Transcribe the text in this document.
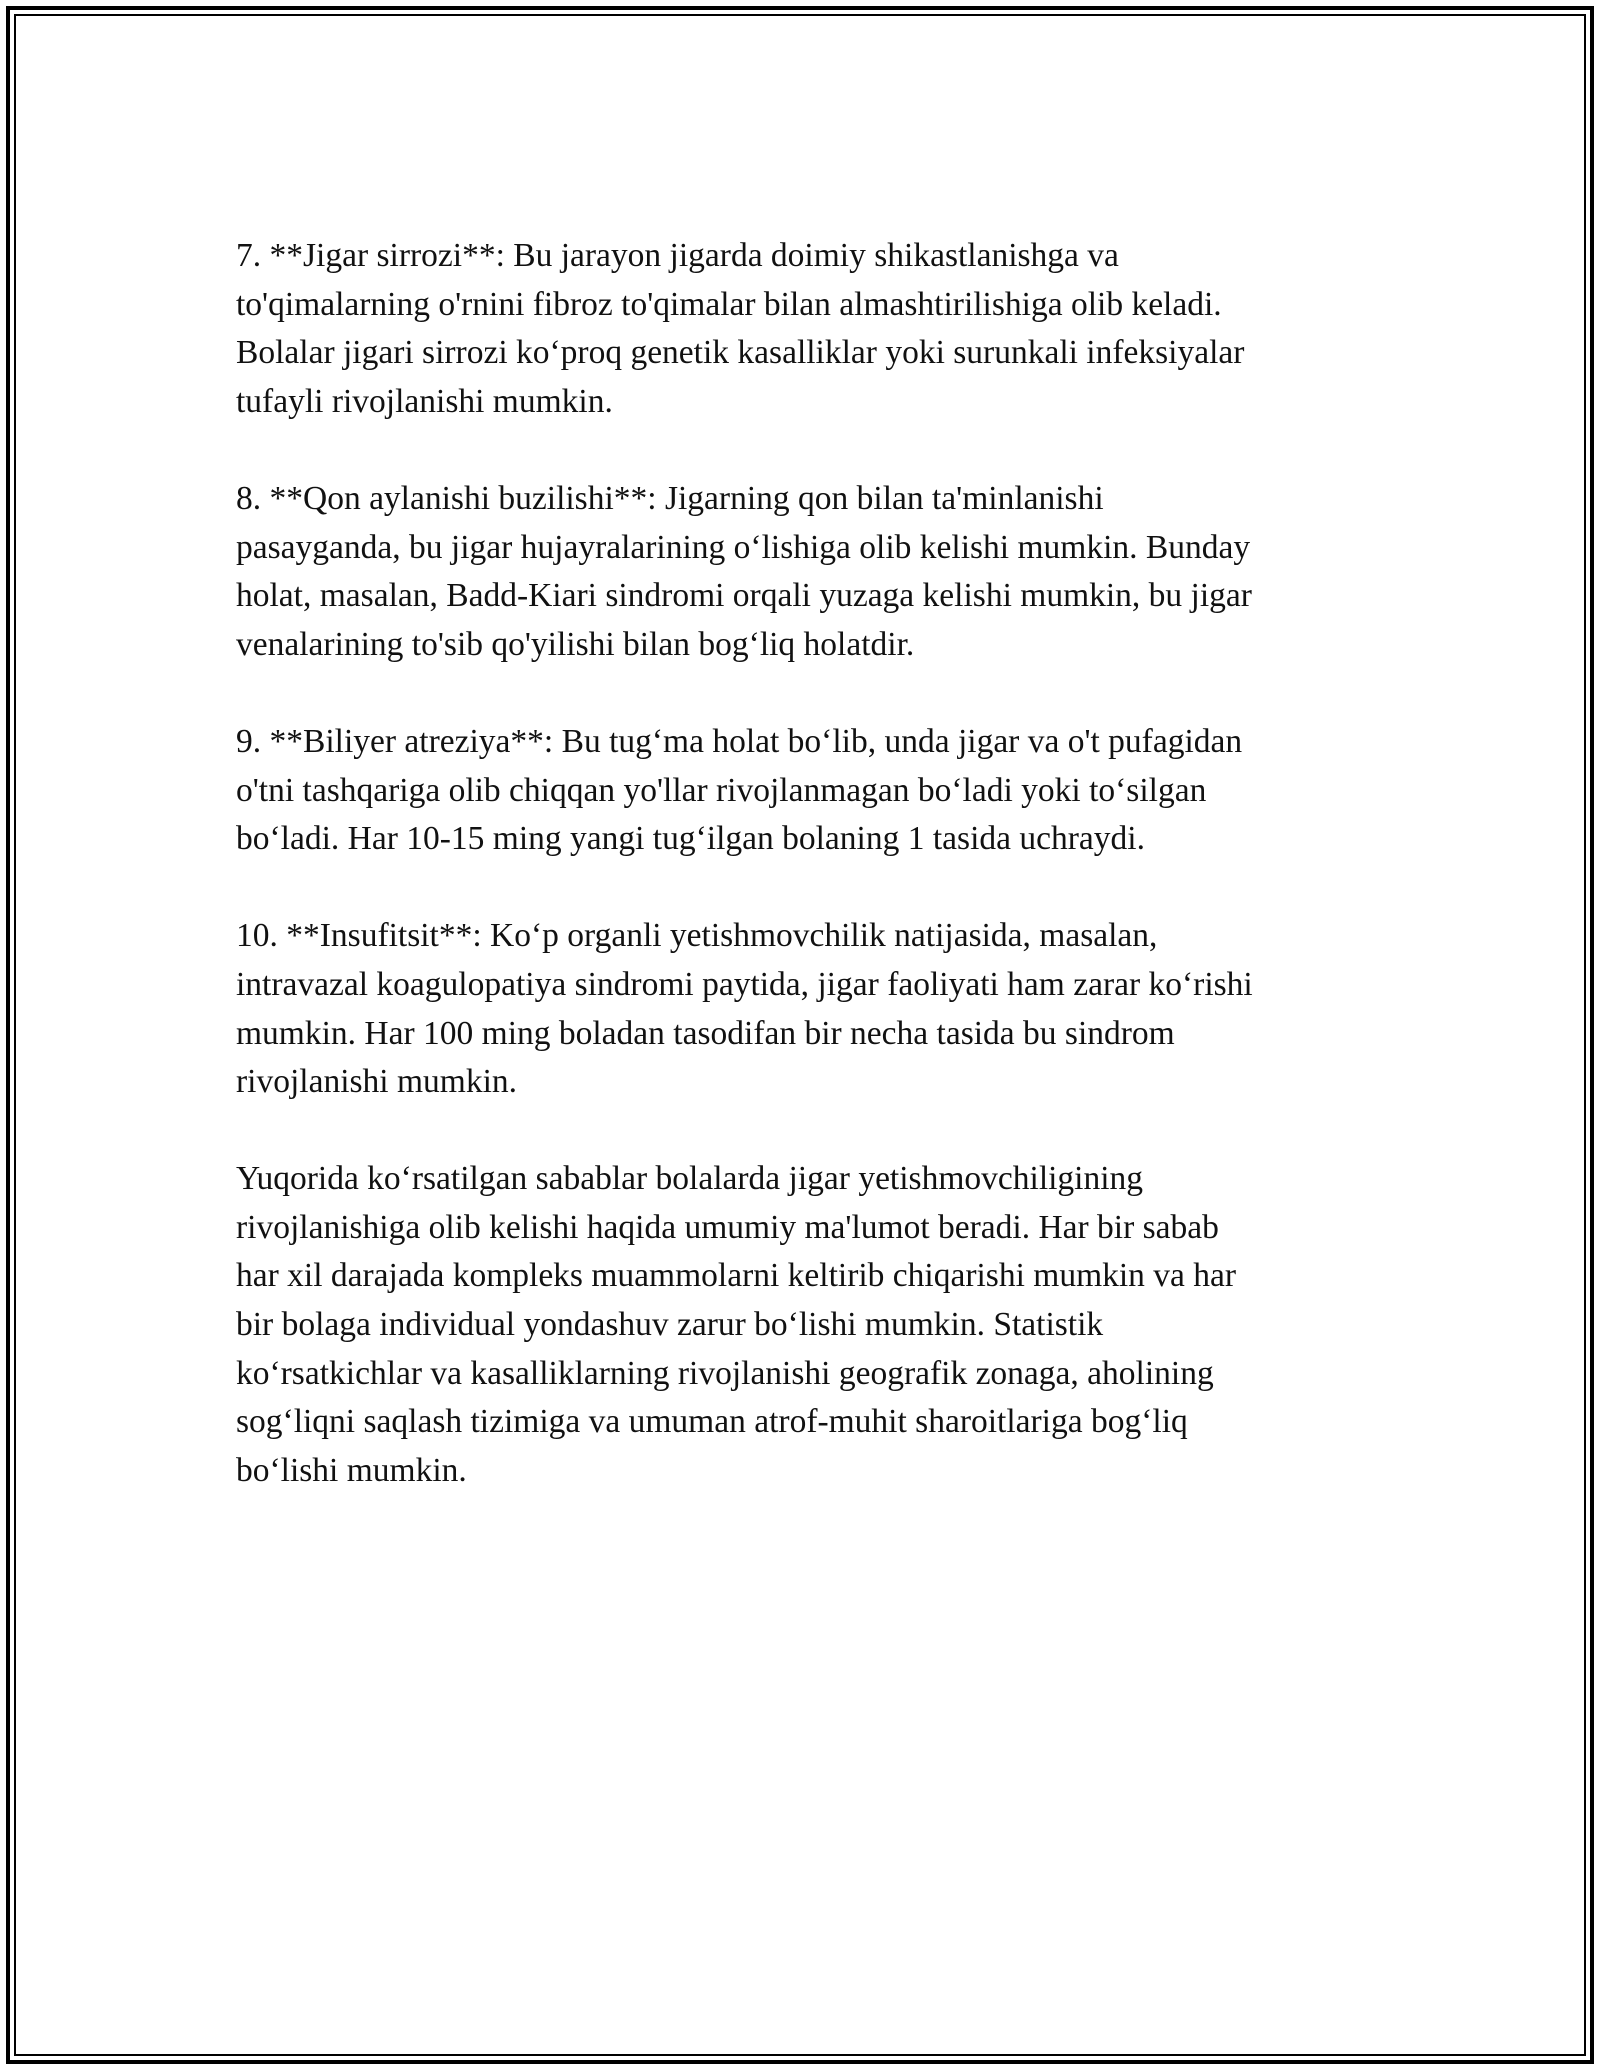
7. **Jigar sirrozi**: Bu jarayon jigarda doimiy shikastlanishga va
to'qimalarning o'rnini fibroz to'qimalar bilan almashtirilishiga olib keladi.
Bolalar jigari sirrozi ko‘proq genetik kasalliklar yoki surunkali infeksiyalar
tufayli rivojlanishi mumkin.

8. **Qon aylanishi buzilishi**: Jigarning qon bilan ta'minlanishi
pasayganda, bu jigar hujayralarining o‘lishiga olib kelishi mumkin. Bunday
holat, masalan, Badd-Kiari sindromi orqali yuzaga kelishi mumkin, bu jigar
venalarining to'sib qo'yilishi bilan bog‘liq holatdir.

9. **Biliyer atreziya**: Bu tug‘ma holat bo‘lib, unda jigar va o't pufagidan
o'tni tashqariga olib chiqqan yo'llar rivojlanmagan bo‘ladi yoki to‘silgan
bo‘ladi. Har 10-15 ming yangi tug‘ilgan bolaning 1 tasida uchraydi.

10. **Insufitsit**: Ko‘p organli yetishmovchilik natijasida, masalan,
intravazal koagulopatiya sindromi paytida, jigar faoliyati ham zarar ko‘rishi
mumkin. Har 100 ming boladan tasodifan bir necha tasida bu sindrom
rivojlanishi mumkin.

Yuqorida ko‘rsatilgan sabablar bolalarda jigar yetishmovchiligining
rivojlanishiga olib kelishi haqida umumiy ma'lumot beradi. Har bir sabab
har xil darajada kompleks muammolarni keltirib chiqarishi mumkin va har
bir bolaga individual yondashuv zarur bo‘lishi mumkin. Statistik
ko‘rsatkichlar va kasalliklarning rivojlanishi geografik zonaga, aholining
sog‘liqni saqlash tizimiga va umuman atrof-muhit sharoitlariga bog‘liq
bo‘lishi mumkin.
